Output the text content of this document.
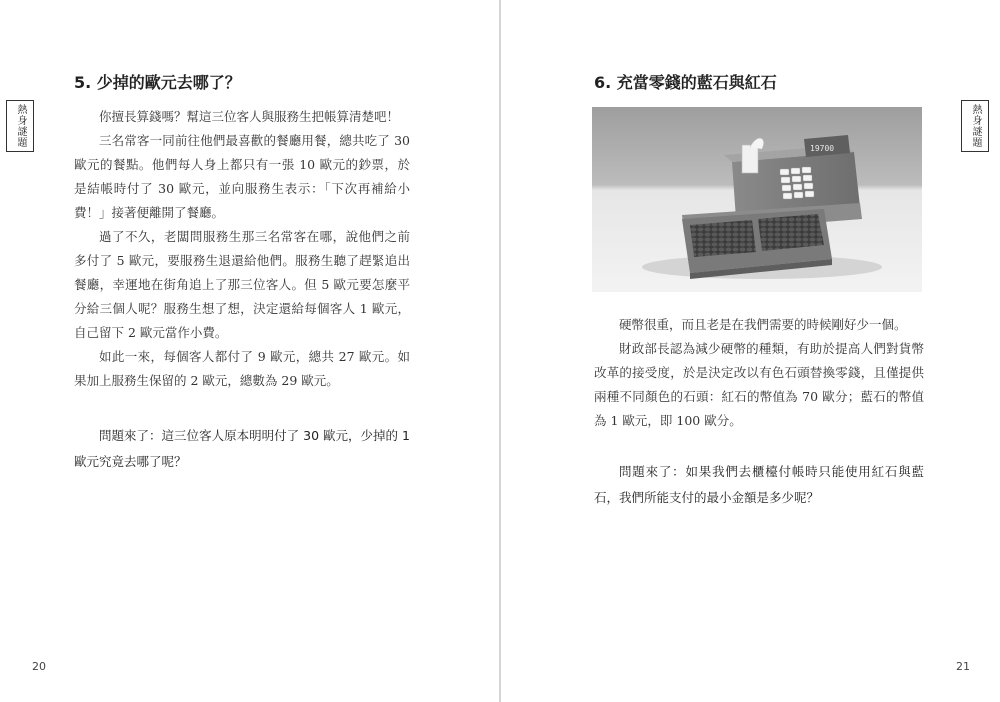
熱身謎題
5. 少掉的歐元去哪了？

你擅長算錢嗎？幫這三位客人與服務生把帳算清楚吧！

三名常客一同前往他們最喜歡的餐廳用餐，總共吃了 30 歐元的餐點。他們每人身上都只有一張 10 歐元的鈔票，於是結帳時付了 30 歐元，並向服務生表示：「下次再補給小費！」接著便離開了餐廳。

過了不久，老闆問服務生那三名常客在哪，說他們之前多付了 5 歐元，要服務生退還給他們。服務生聽了趕緊追出餐廳，幸運地在街角追上了那三位客人。但 5 歐元要怎麼平分給三個人呢？服務生想了想，決定還給每個客人 1 歐元，自己留下 2 歐元當作小費。

如此一來，每個客人都付了 9 歐元，總共 27 歐元。如果加上服務生保留的 2 歐元，總數為 29 歐元。

問題來了：這三位客人原本明明付了 30 歐元，少掉的 1 歐元究竟去哪了呢？

20
熱身謎題
6. 充當零錢的藍石與紅石
19700

硬幣很重，而且老是在我們需要的時候剛好少一個。

財政部長認為減少硬幣的種類，有助於提高人們對貨幣改革的接受度，於是決定改以有色石頭替換零錢，且僅提供兩種不同顏色的石頭：紅石的幣值為 70 歐分；藍石的幣值為 1 歐元，即 100 歐分。

問題來了：如果我們去櫃檯付帳時只能使用紅石與藍石，我們所能支付的最小金額是多少呢？

21
